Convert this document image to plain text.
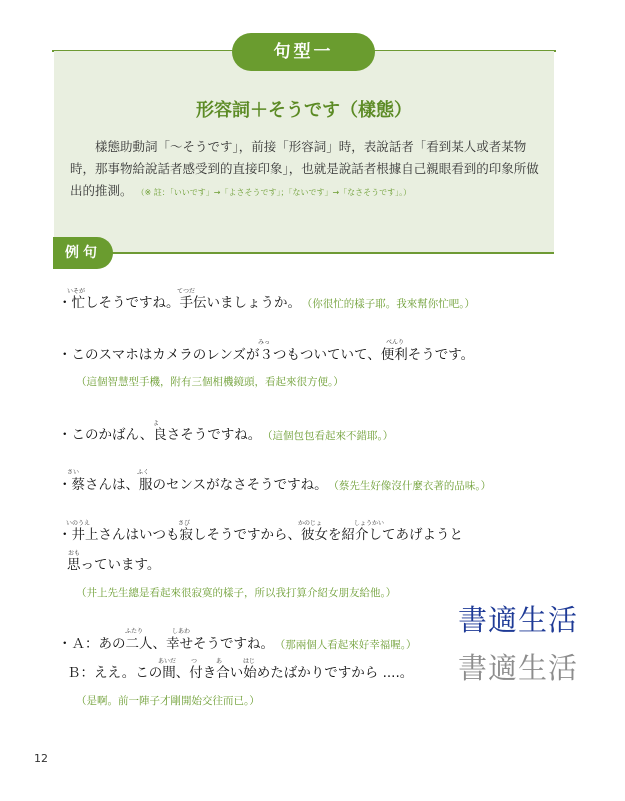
句型一
形容詞＋そうです（樣態）
樣態助動詞「〜そうです」，前接「形容詞」時，表說話者「看到某人或者某物時，那事物給說話者感受到的直接印象」，也就是說話者根據自己親眼看到的印象所做出的推測。 （※ 註：「いいです」→「よさそうです」；「ないです」→「なさそうです」。）
例句
いそが	てつだ
・忙しそうですね。手伝いましょうか。 （你很忙的樣子耶。我來幫你忙吧。）
みっ	べんり
・このスマホはカメラのレンズが３つもついていて、便利そうです。
（這個智慧型手機，附有三個相機鏡頭，看起來很方便。）
よ
・このかばん、良さそうですね。 （這個包包看起來不錯耶。）
さい	ふく
・蔡さんは、服のセンスがなさそうですね。 （蔡先生好像沒什麼衣著的品味。）
いのうえ	さび	かのじょ	しょうかい
・井上さんはいつも寂しそうですから、彼女を紹介してあげようと
おも
思っています。
（井上先生總是看起來很寂寞的樣子，所以我打算介紹女朋友給他。）
ふたり	しあわ
・Ａ：あの二人、幸せそうですね。 （那兩個人看起來好幸福喔。）
あいだ つ	あ	はじ
Ｂ：ええ。この間、付き合い始めたばかりですから ....。
（是啊。前一陣子才剛開始交往而已。）
書適生活
書適生活
12
